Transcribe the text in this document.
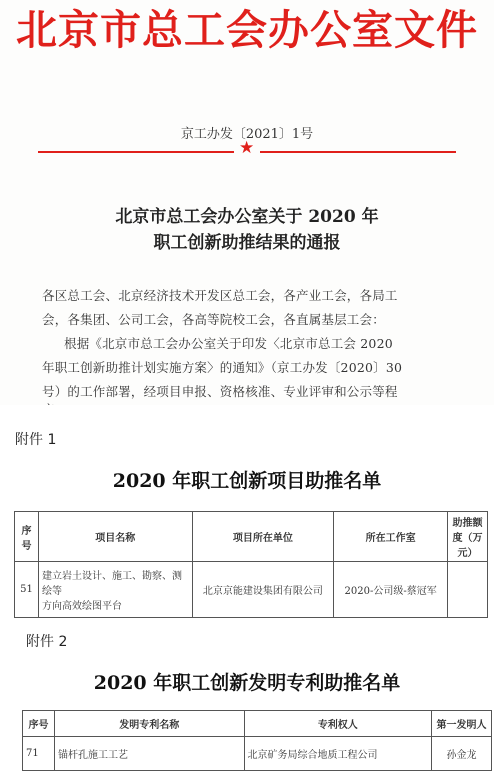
北京市总工会办公室文件
京工办发〔2021〕1号
★
北京市总工会办公室关于 2020 年
职工创新助推结果的通报
各区总工会、北京经济技术开发区总工会，各产业工会，各局工
会，各集团、公司工会，各高等院校工会，各直属基层工会：
根据《北京市总工会办公室关于印发〈北京市总工会 2020
年职工创新助推计划实施方案〉的通知》（京工办发〔2020〕30
号）的工作部署，经项目申报、资格核准、专业评审和公示等程
附件 1
2020 年职工创新项目助推名单
序号	项目名称	项目所在单位	所在工作室	助推额度（万元）
51	建立岩土设计、施工、勘察、测绘等
方向高效绘图平台	北京京能建设集团有限公司	2020-公司级-蔡冠军	
附件 2
2020 年职工创新发明专利助推名单
序号	发明专利名称	专利权人	第一发明人
71	锚杆孔施工工艺	北京矿务局综合地质工程公司	孙金龙
